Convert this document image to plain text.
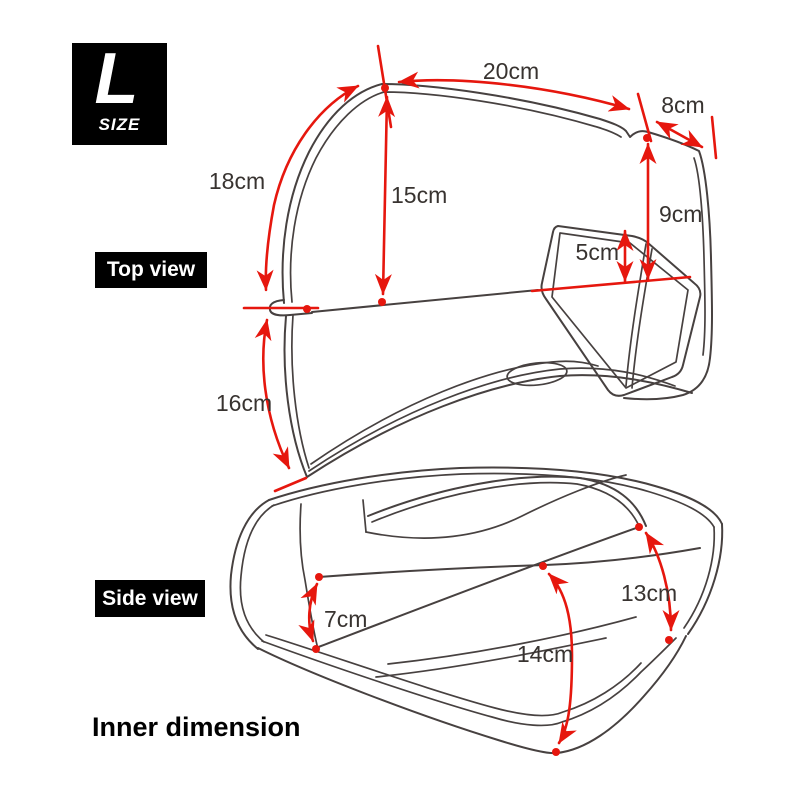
20cm
8cm
18cm
15cm
9cm
5cm
16cm
7cm
13cm
14cm
L
SIZE
Top view
Side view
Inner dimension
